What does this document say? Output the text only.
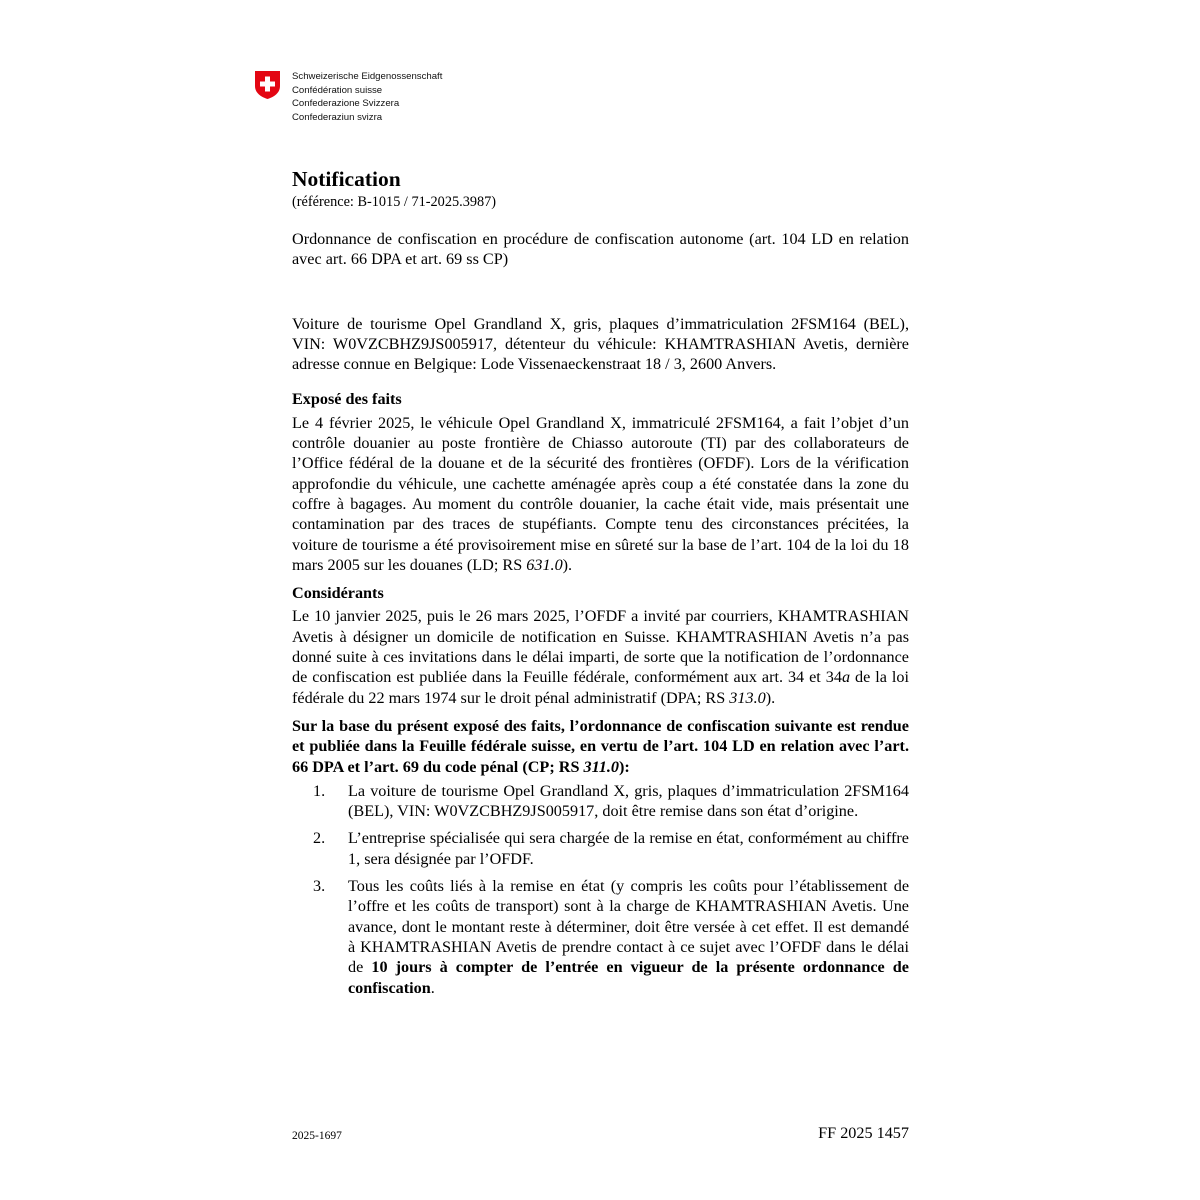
Schweizerische Eidgenossenschaft
Confédération suisse
Confederazione Svizzera
Confederaziun svizra
Notification
(référence: B-1015 / 71-2025.3987)

Ordonnance de confiscation en procédure de confiscation autonome (art. 104 LD en relation avec art. 66 DPA et art. 69 ss CP)

Voiture de tourisme Opel Grandland X, gris, plaques d’immatriculation 2FSM164 (BEL), VIN: W0VZCBHZ9JS005917, détenteur du véhicule: KHAMTRASHIAN Avetis, dernière adresse connue en Belgique: Lode Vissenaeckenstraat 18 / 3, 2600 Anvers.

Exposé des faits

Le 4 février 2025, le véhicule Opel Grandland X, immatriculé 2FSM164, a fait l’objet d’un contrôle douanier au poste frontière de Chiasso autoroute (TI) par des collaborateurs de l’Office fédéral de la douane et de la sécurité des frontières (OFDF). Lors de la vérification approfondie du véhicule, une cachette aménagée après coup a été constatée dans la zone du coffre à bagages. Au moment du contrôle douanier, la cache était vide, mais présentait une contamination par des traces de stupéfiants. Compte tenu des circonstances précitées, la voiture de tourisme a été provisoirement mise en sûreté sur la base de l’art. 104 de la loi du 18 mars 2005 sur les douanes (LD; RS 631.0).

Considérants

Le 10 janvier 2025, puis le 26 mars 2025, l’OFDF a invité par courriers, KHAMTRASHIAN Avetis à désigner un domicile de notification en Suisse. KHAMTRASHIAN Avetis n’a pas donné suite à ces invitations dans le délai imparti, de sorte que la notification de l’ordonnance de confiscation est publiée dans la Feuille fédérale, conformément aux art. 34 et 34a de la loi fédérale du 22 mars 1974 sur le droit pénal administratif (DPA; RS 313.0).

Sur la base du présent exposé des faits, l’ordonnance de confiscation suivante est rendue et publiée dans la Feuille fédérale suisse, en vertu de l’art. 104 LD en relation avec l’art. 66 DPA et l’art. 69 du code pénal (CP; RS 311.0):

1.	La voiture de tourisme Opel Grandland X, gris, plaques d’immatriculation 2FSM164 (BEL), VIN: W0VZCBHZ9JS005917, doit être remise dans son état d’origine.
2.	L’entreprise spécialisée qui sera chargée de la remise en état, conformément au chiffre 1, sera désignée par l’OFDF.
3.	Tous les coûts liés à la remise en état (y compris les coûts pour l’établissement de l’offre et les coûts de transport) sont à la charge de KHAMTRASHIAN Avetis. Une avance, dont le montant reste à déterminer, doit être versée à cet effet. Il est demandé à KHAMTRASHIAN Avetis de prendre contact à ce sujet avec l’OFDF dans le délai de 10 jours à compter de l’entrée en vigueur de la présente ordonnance de confiscation.
2025-1697	FF 2025 1457
